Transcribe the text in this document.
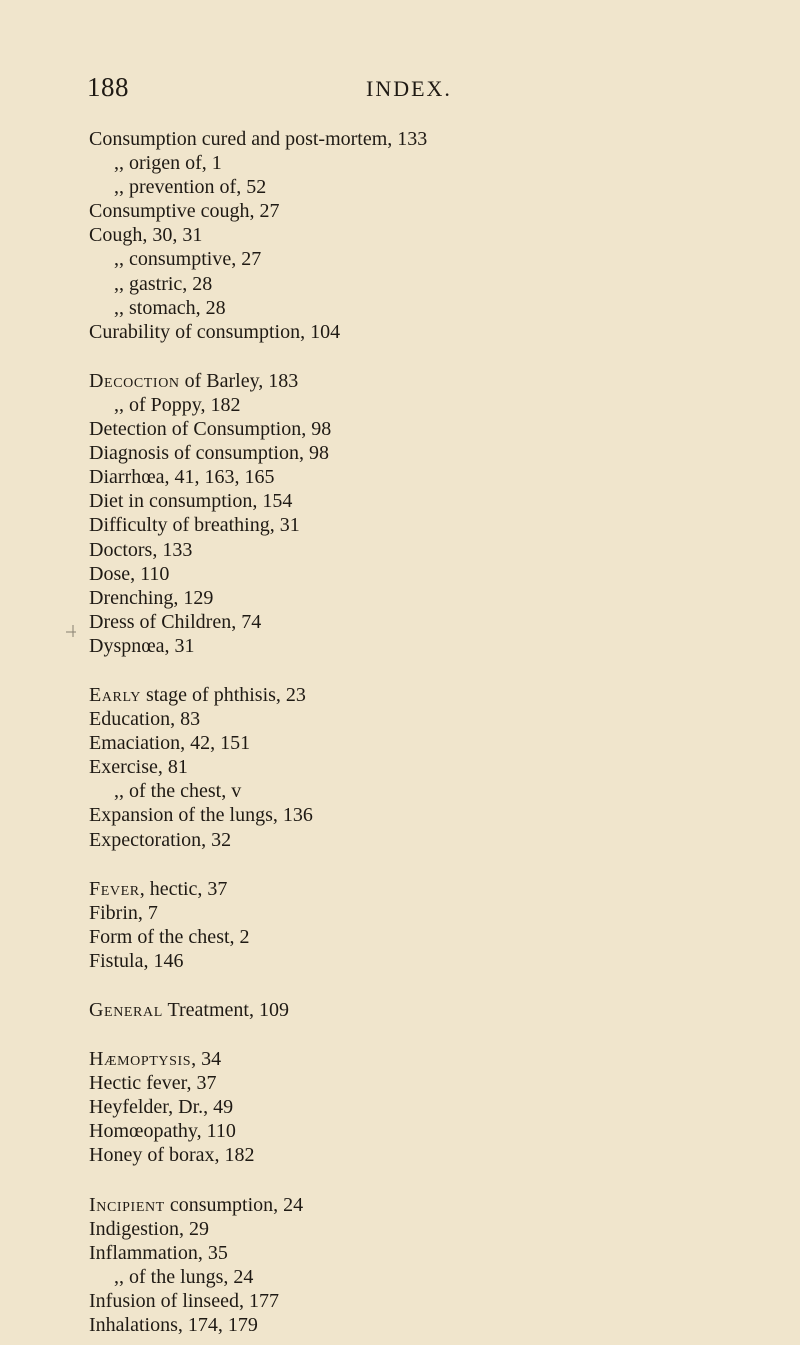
188	INDEX.
Consumption cured and post-mortem, 133
,, origen of, 1
,, prevention of, 52
Consumptive cough, 27
Cough, 30, 31
,, consumptive, 27
,, gastric, 28
,, stomach, 28
Curability of consumption, 104
Decoction of Barley, 183
,, of Poppy, 182
Detection of Consumption, 98
Diagnosis of consumption, 98
Diarrhœa, 41, 163, 165
Diet in consumption, 154
Difficulty of breathing, 31
Doctors, 133
Dose, 110
Drenching, 129
Dress of Children, 74
Dyspnœa, 31
Early stage of phthisis, 23
Education, 83
Emaciation, 42, 151
Exercise, 81
,, of the chest, v
Expansion of the lungs, 136
Expectoration, 32
Fever, hectic, 37
Fibrin, 7
Form of the chest, 2
Fistula, 146
General Treatment, 109
Hæmoptysis, 34
Hectic fever, 37
Heyfelder, Dr., 49
Homœopathy, 110
Honey of borax, 182
Incipient consumption, 24
Indigestion, 29
Inflammation, 35
,, of the lungs, 24
Infusion of linseed, 177
Inhalations, 174, 179
